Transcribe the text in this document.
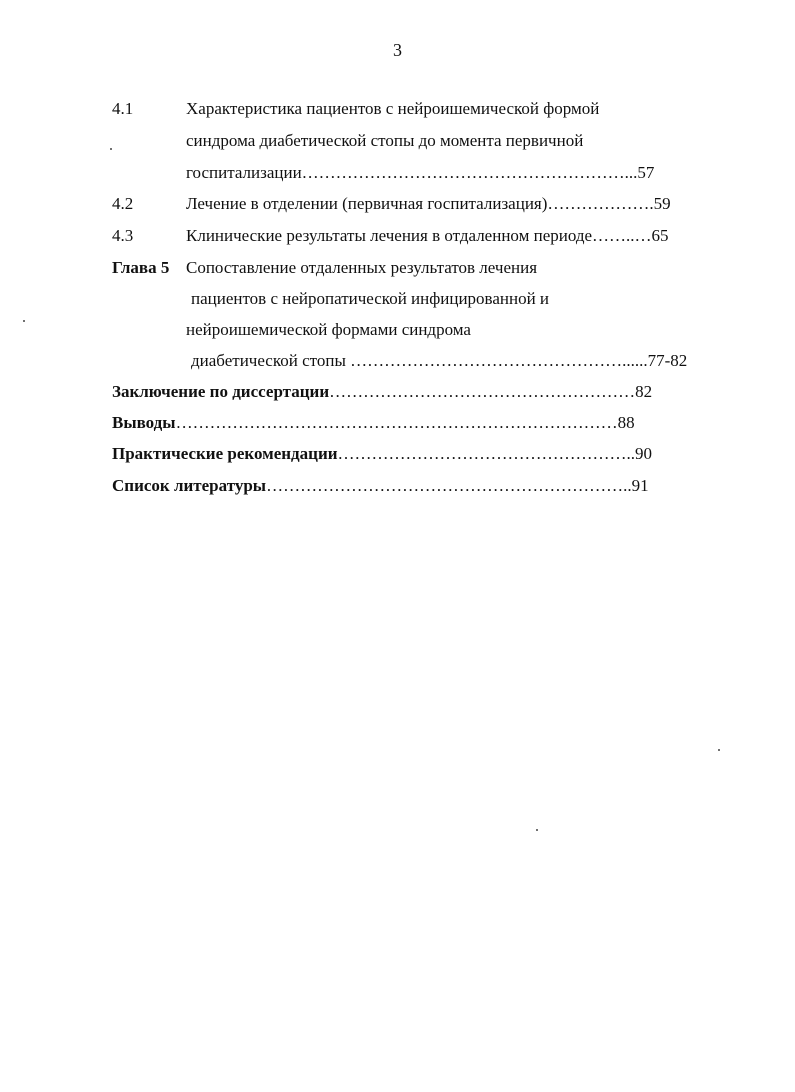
3
4.1	Характеристика пациентов с нейроишемической формой
синдрома диабетической стопы до момента первичной
госпитализации…………………………………………………...57
4.2	Лечение в отделении (первичная госпитализация)……………….59
4.3	Клинические результаты лечения в отдаленном периоде……..…65
Глава 5 Сопоставление отдаленных результатов лечения
пациентов с нейропатической инфицированной и
нейроишемической формами синдрома
диабетической стопы …………………………………………......77-82
Заключение по диссертации………………………………………………82
Выводы……………………………………………………………………88
Практические рекомендации……………………………………………..90
Список литературы………………………………………………………..91
